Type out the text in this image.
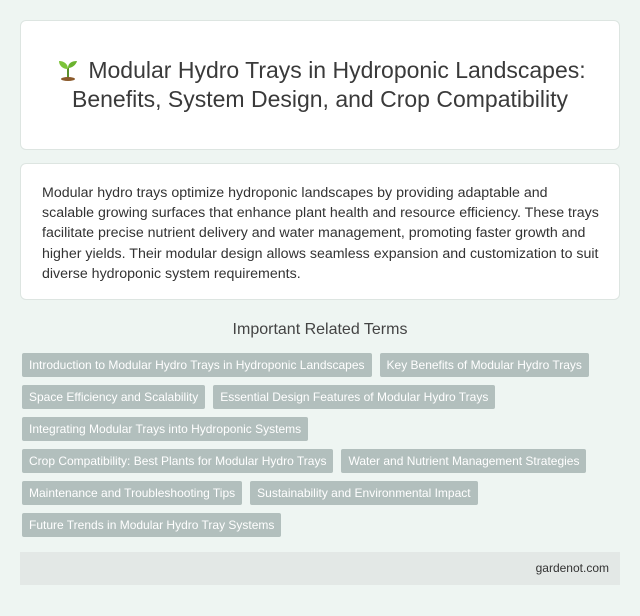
Modular Hydro Trays in Hydroponic Landscapes: Benefits, System Design, and Crop Compatibility

Modular hydro trays optimize hydroponic landscapes by providing adaptable and scalable growing surfaces that enhance plant health and resource efficiency. These trays facilitate precise nutrient delivery and water management, promoting faster growth and higher yields. Their modular design allows seamless expansion and customization to suit diverse hydroponic system requirements.

Important Related Terms
Introduction to Modular Hydro Trays in Hydroponic Landscapes	Key Benefits of Modular Hydro Trays
Space Efficiency and Scalability	Essential Design Features of Modular Hydro Trays
Integrating Modular Trays into Hydroponic Systems
Crop Compatibility: Best Plants for Modular Hydro Trays	Water and Nutrient Management Strategies
Maintenance and Troubleshooting Tips	Sustainability and Environmental Impact
Future Trends in Modular Hydro Tray Systems
gardenot.com
